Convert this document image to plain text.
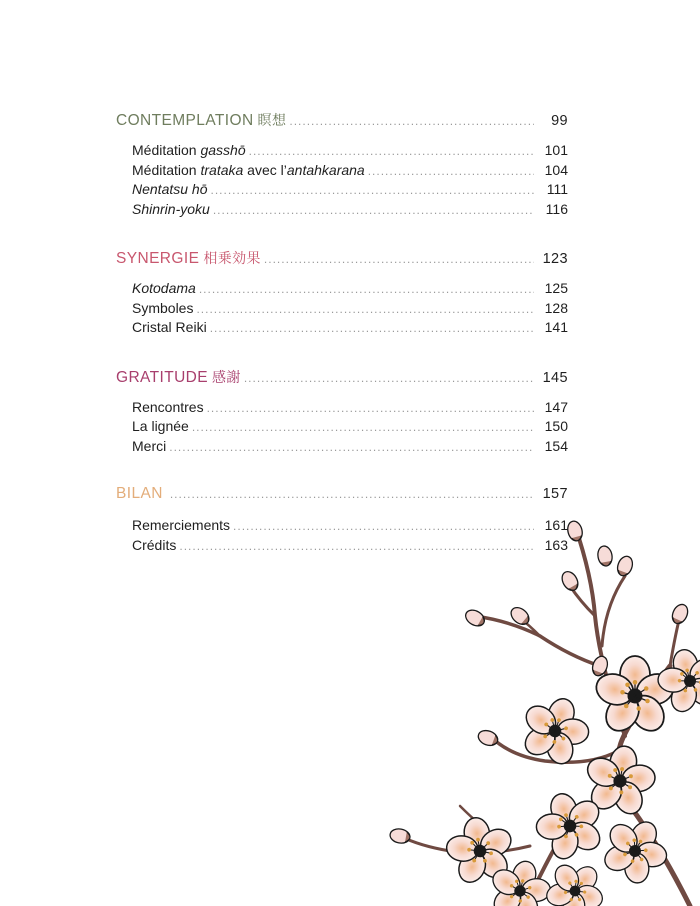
CONTEMPLATION 瞑想 .....	99
Méditation gasshō .....	101
Méditation trataka avec l’antahkarana .....	104
Nentatsu hō .....	111
Shinrin-yoku .....	116
SYNERGIE 相乗効果 .....	123
Kotodama .....	125
Symboles .....	128
Cristal Reiki .....	141
GRATITUDE 感謝 .....	145
Rencontres .....	147
La lignée .....	150
Merci .....	154
BILAN .....	157
Remerciements .....	161
Crédits .....	163
